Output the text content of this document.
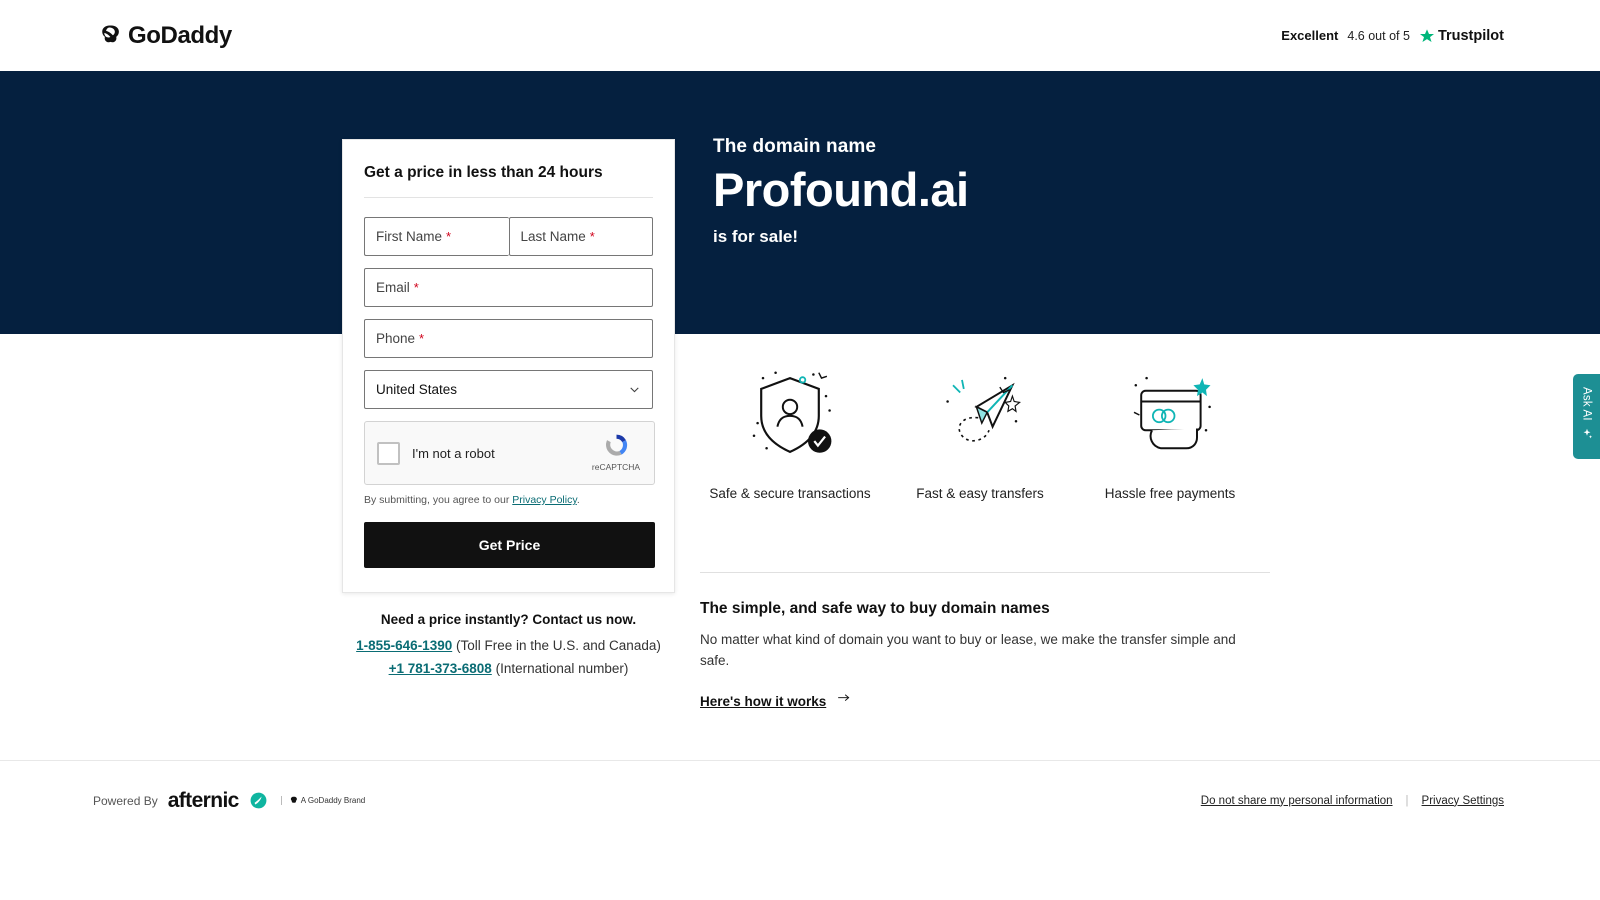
GoDaddy	Excellent 4.6 out of 5 Trustpilot
The domain name
Profound.ai
is for sale!
Get a price in less than 24 hours
First Name *	Last Name *
Email *
Phone *
United States
I'm not a robot
reCAPTCHA
By submitting, you agree to our Privacy Policy.
Get Price
Need a price instantly? Contact us now.
1-855-646-1390 (Toll Free in the U.S. and Canada)
+1 781-373-6808 (International number)
Safe & secure transactions	Fast & easy transfers	Hassle free payments
The simple, and safe way to buy domain names
No matter what kind of domain you want to buy or lease, we make the transfer simple and safe.
Here's how it works
Ask AI
Powered By afternic	A GoDaddy Brand	Do not share my personal information | Privacy Settings
